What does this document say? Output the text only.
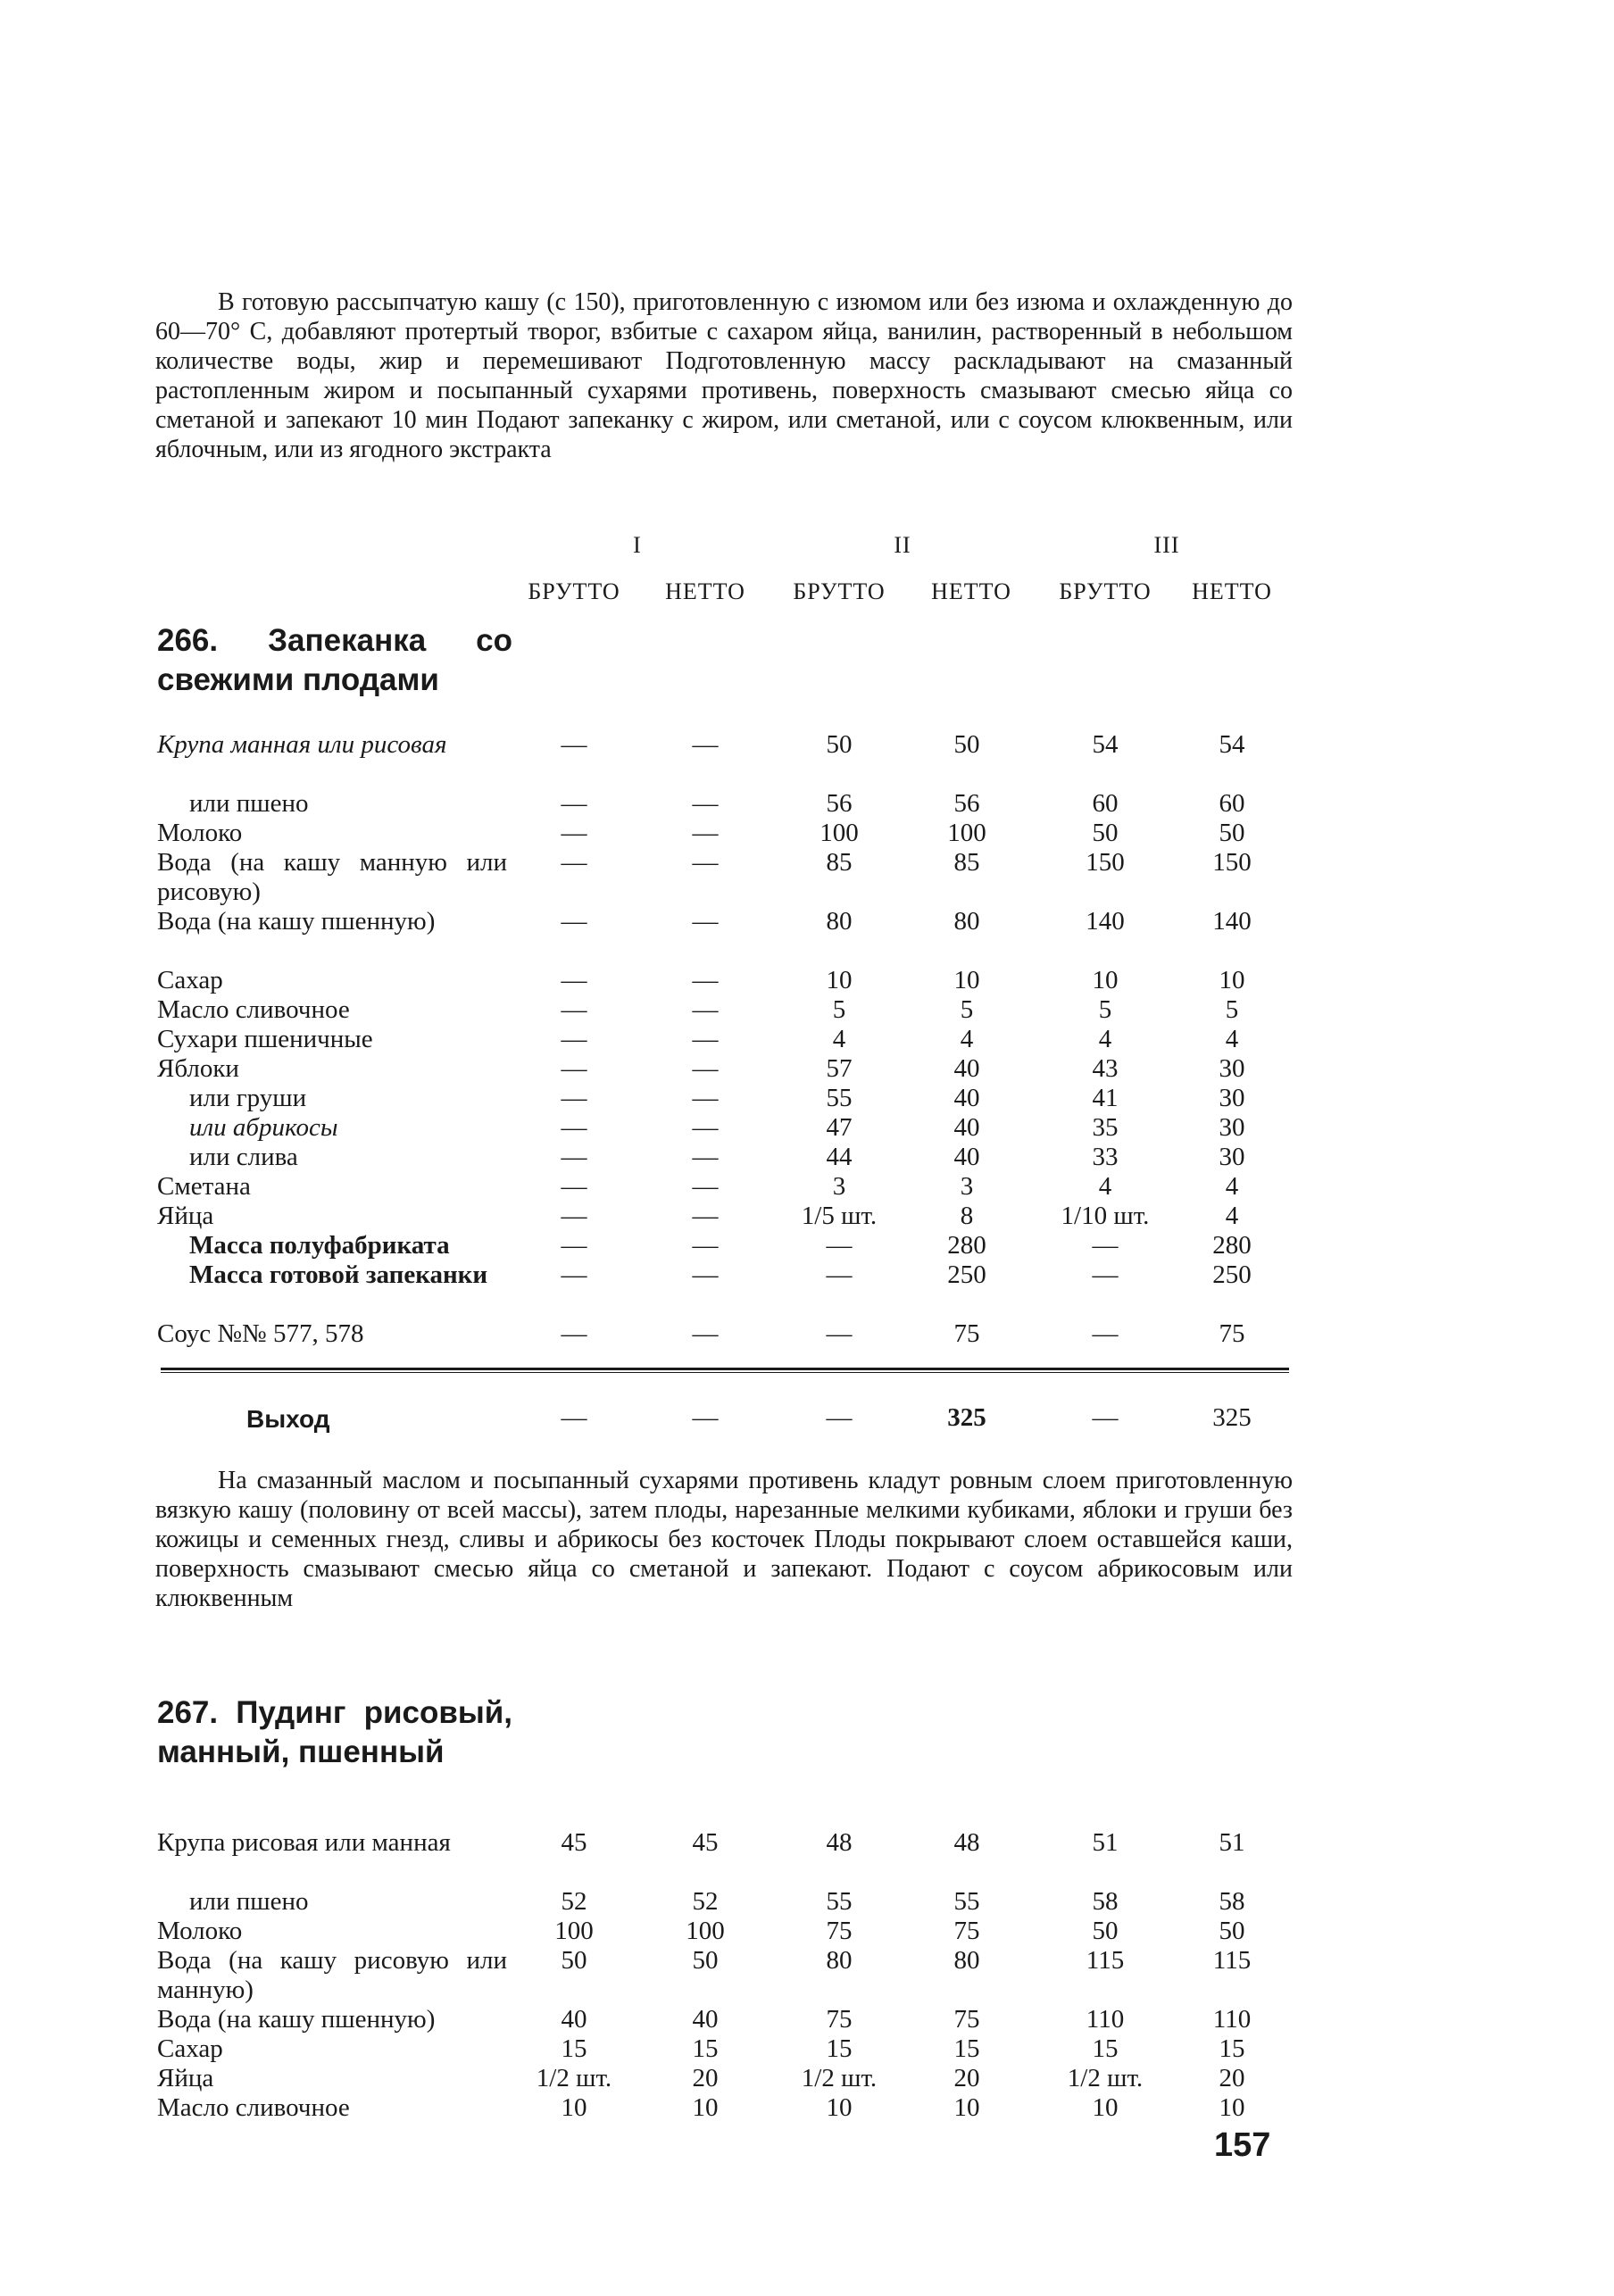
В готовую рассыпчатую кашу (с 150), приготовленную с изюмом или без изюма и охлажденную до 60—70° С, добавляют протертый творог, взбитые с сахаром яйца, ванилин, растворенный в небольшом количестве воды, жир и перемешивают Подготовленную массу раскладывают на смазанный растопленным жиром и посыпанный сухарями противень, поверхность смазывают смесью яйца со сметаной и запекают 10 мин Подают запеканку с жиром, или сметаной, или с соусом клюквенным, или яблочным, или из ягодного экстракта

I	II	III
БРУТТО НЕТТО БРУТТО НЕТТО БРУТТО НЕТТО
266. Запеканка со свежими плодами
Крупа манная или рисовая	—	—	50	50	54	54
или пшено	—	—	56	56	60	60
Молоко	—	—	100	100	50	50
Вода (на кашу манную или рисовую)
—	—	85	85	150	150
Вода (на кашу пшенную)	—	—	80	80	140	140
Сахар	—	—	10	10	10	10
Масло сливочное	—	—	5	5	5	5
Сухари пшеничные	—	—	4	4	4	4
Яблоки	—	—	57	40	43	30
или груши	—	—	55	40	41	30
или абрикосы	—	—	47	40	35	30
или слива	—	—	44	40	33	30
Сметана	—	—	3	3	4	4
Яйца	—	—	1/5 шт.	8	1/10 шт.	4
Масса полуфабриката	—	—	—	280	—	280
Масса готовой запеканки	—	—	—	250	—	250
Соус №№ 577, 578	—	—	—	75	—	75
Выход	—	—	—	325	—	325

На смазанный маслом и посыпанный сухарями противень кладут ровным слоем приготовленную вязкую кашу (половину от всей массы), затем плоды, нарезанные мелкими кубиками, яблоки и груши без кожицы и семенных гнезд, сливы и абрикосы без косточек Плоды покрывают слоем оставшейся каши, поверхность смазывают смесью яйца со сметаной и запекают. Подают с соусом абрикосовым или клюквенным

267. Пудинг рисовый, манный, пшенный
Крупа рисовая или манная	45	45	48	48	51	51
или пшено	52	52	55	55	58	58
Молоко	100	100	75	75	50	50
Вода (на кашу рисовую или манную)
50	50	80	80	115	115
Вода (на кашу пшенную)	40	40	75	75	110	110
Сахар	15	15	15	15	15	15
Яйца	1/2 шт.	20	1/2 шт.	20	1/2 шт.	20
Масло сливочное	10	10	10	10	10	10
157
